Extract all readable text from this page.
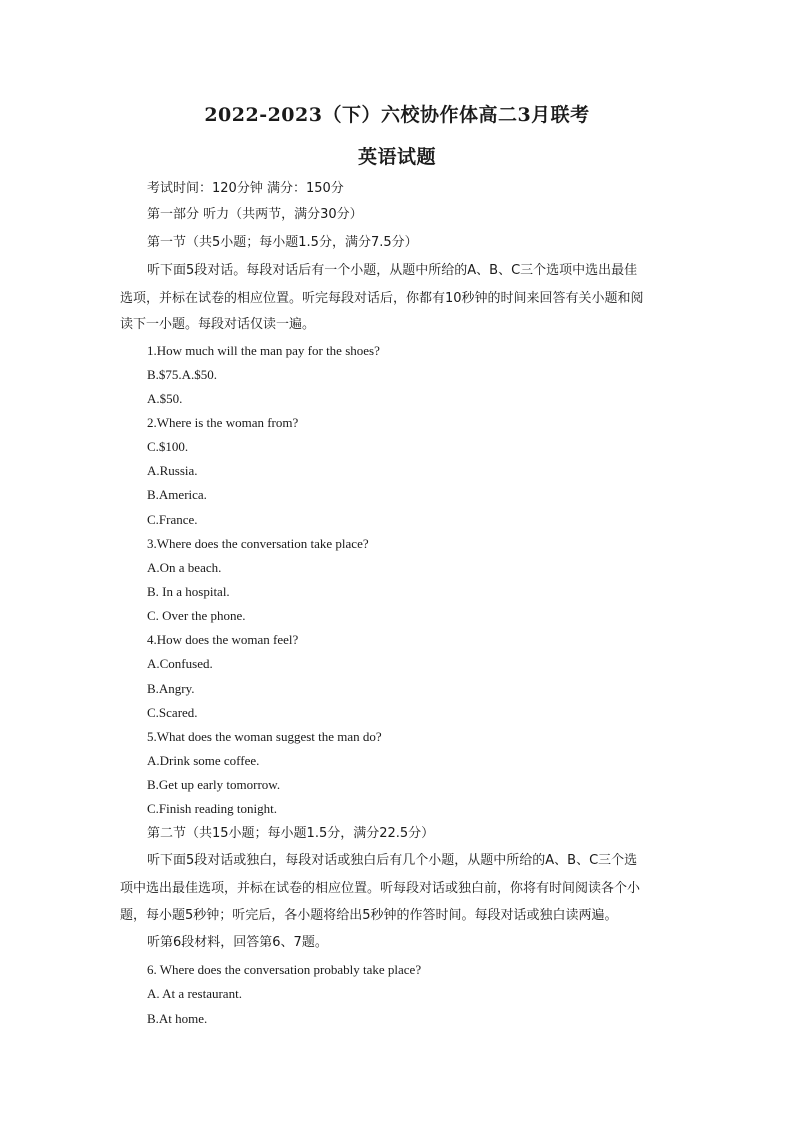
2022-2023（下）六校协作体高二3月联考
英语试题
考试时间：120分钟 满分：150分
第一部分 听力（共两节，满分30分）
第一节（共5小题；每小题1.5分，满分7.5分）
听下面5段对话。每段对话后有一个小题，从题中所给的A、B、C三个选项中选出最佳
选项，并标在试卷的相应位置。听完每段对话后，你都有10秒钟的时间来回答有关小题和阅
读下一小题。每段对话仅读一遍。
1.How much will the man pay for the shoes?
B.$75.A.$50.
A.$50.
2.Where is the woman from?
C.$100.
A.Russia.
B.America.
C.France.
3.Where does the conversation take place?
A.On a beach.
B. In a hospital.
C. Over the phone.
4.How does the woman feel?
A.Confused.
B.Angry.
C.Scared.
5.What does the woman suggest the man do?
A.Drink some coffee.
B.Get up early tomorrow.
C.Finish reading tonight.
第二节（共15小题；每小题1.5分，满分22.5分）
听下面5段对话或独白，每段对话或独白后有几个小题，从题中所给的A、B、C三个选
项中选出最佳选项，并标在试卷的相应位置。听每段对话或独白前，你将有时间阅读各个小
题，每小题5秒钟；听完后，各小题将给出5秒钟的作答时间。每段对话或独白读两遍。
听第6段材料，回答第6、7题。
6. Where does the conversation probably take place?
A. At a restaurant.
B.At home.
